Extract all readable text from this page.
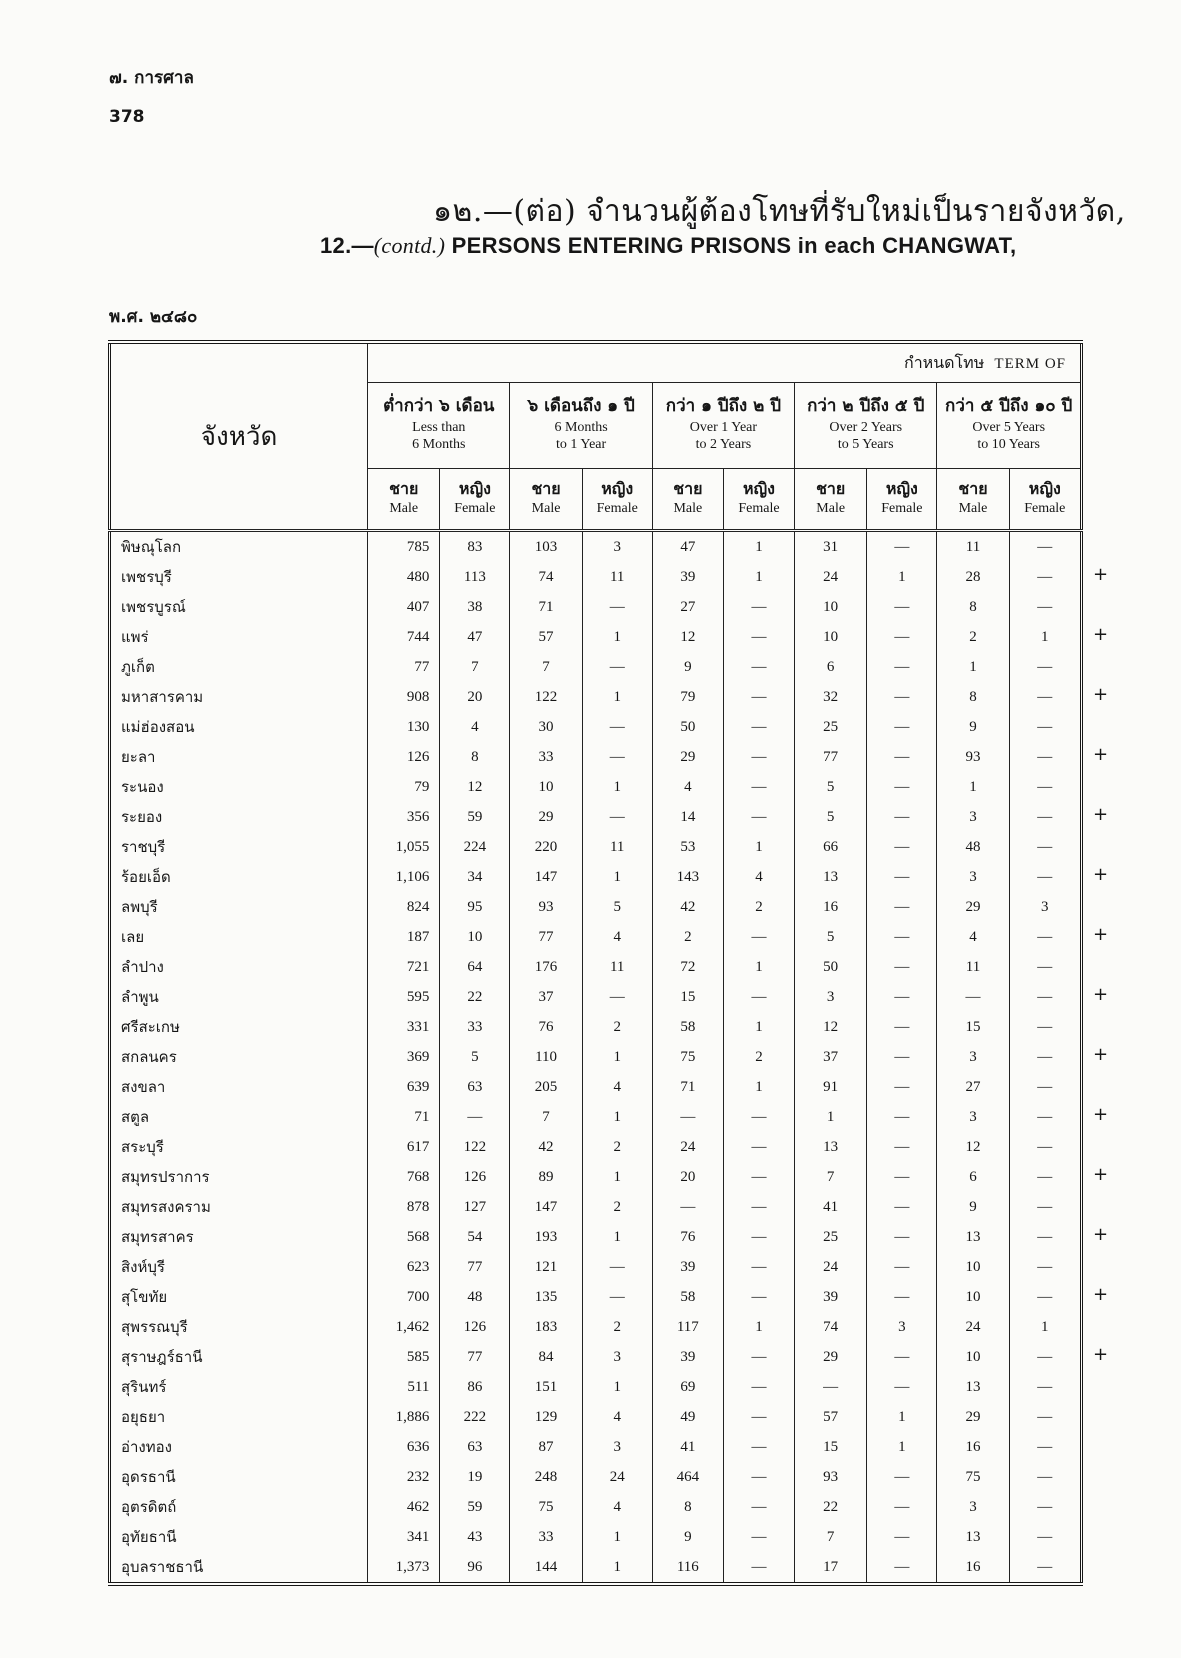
๗. การศาล
378
๑๒.—(ต่อ) จำนวนผู้ต้องโทษที่รับใหม่เป็นรายจังหวัด,
12.—(contd.) PERSONS ENTERING PRISONS in each CHANGWAT,
พ.ศ. ๒๔๘๐
จังหวัด	กำหนดโทษ TERM OF									

	ต่ำกว่า ๖ เดือน
Less than
6 Months		๖ เดือนถึง ๑ ปี
6 Months
to 1 Year		กว่า ๑ ปีถึง ๒ ปี
Over 1 Year
to 2 Years		กว่า ๒ ปีถึง ๕ ปี
Over 2 Years
to 5 Years		กว่า ๕ ปีถึง ๑๐ ปี
Over 5 Years
to 10 Years	

	ชาย
Male	หญิง
Female	ชาย
Male	หญิง
Female	ชาย
Male	หญิง
Female	ชาย
Male	หญิง
Female	ชาย
Male	หญิง
Female

พิษณุโลก	785	83	103	3	47	1	31	—	11	—
เพชรบุรี	480	113	74	11	39	1	24	1	28	—
เพชรบูรณ์	407	38	71	—	27	—	10	—	8	—
แพร่	744	47	57	1	12	—	10	—	2	1
ภูเก็ต	77	7	7	—	9	—	6	—	1	—
มหาสารคาม	908	20	122	1	79	—	32	—	8	—
แม่ฮ่องสอน	130	4	30	—	50	—	25	—	9	—
ยะลา	126	8	33	—	29	—	77	—	93	—
ระนอง	79	12	10	1	4	—	5	—	1	—
ระยอง	356	59	29	—	14	—	5	—	3	—
ราชบุรี	1,055	224	220	11	53	1	66	—	48	—
ร้อยเอ็ด	1,106	34	147	1	143	4	13	—	3	—
ลพบุรี	824	95	93	5	42	2	16	—	29	3
เลย	187	10	77	4	2	—	5	—	4	—
ลำปาง	721	64	176	11	72	1	50	—	11	—
ลำพูน	595	22	37	—	15	—	3	—	—	—
ศรีสะเกษ	331	33	76	2	58	1	12	—	15	—
สกลนคร	369	5	110	1	75	2	37	—	3	—
สงขลา	639	63	205	4	71	1	91	—	27	—
สตูล	71	—	7	1	—	—	1	—	3	—
สระบุรี	617	122	42	2	24	—	13	—	12	—
สมุทรปราการ	768	126	89	1	20	—	7	—	6	—
สมุทรสงคราม	878	127	147	2	—	—	41	—	9	—
สมุทรสาคร	568	54	193	1	76	—	25	—	13	—
สิงห์บุรี	623	77	121	—	39	—	24	—	10	—
สุโขทัย	700	48	135	—	58	—	39	—	10	—
สุพรรณบุรี	1,462	126	183	2	117	1	74	3	24	1
สุราษฎร์ธานี	585	77	84	3	39	—	29	—	10	—
สุรินทร์	511	86	151	1	69	—	—	—	13	—
อยุธยา	1,886	222	129	4	49	—	57	1	29	—
อ่างทอง	636	63	87	3	41	—	15	1	16	—
อุดรธานี	232	19	248	24	464	—	93	—	75	—
อุตรดิตถ์	462	59	75	4	8	—	22	—	3	—
อุทัยธานี	341	43	33	1	9	—	7	—	13	—
อุบลราชธานี	1,373	96	144	1	116	—	17	—	16	—
+
+
+
+
+
+
+
+
+
+
+
+
+
+
